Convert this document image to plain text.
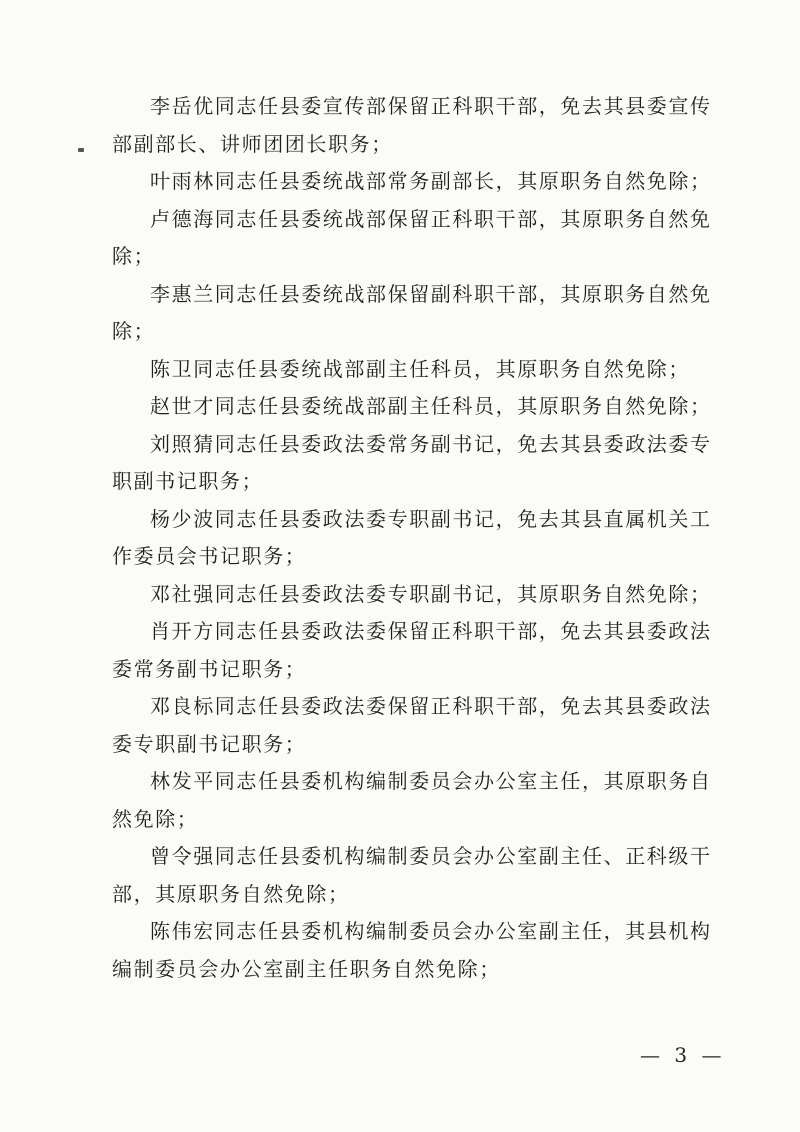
李岳优同志任县委宣传部保留正科职干部，免去其县委宣传部副部长、讲师团团长职务；

叶雨林同志任县委统战部常务副部长，其原职务自然免除；

卢德海同志任县委统战部保留正科职干部，其原职务自然免除；

李惠兰同志任县委统战部保留副科职干部，其原职务自然免除；

陈卫同志任县委统战部副主任科员，其原职务自然免除；

赵世才同志任县委统战部副主任科员，其原职务自然免除；

刘照猜同志任县委政法委常务副书记，免去其县委政法委专职副书记职务；

杨少波同志任县委政法委专职副书记，免去其县直属机关工作委员会书记职务；

邓社强同志任县委政法委专职副书记，其原职务自然免除；

肖开方同志任县委政法委保留正科职干部，免去其县委政法委常务副书记职务；

邓良标同志任县委政法委保留正科职干部，免去其县委政法委专职副书记职务；

林发平同志任县委机构编制委员会办公室主任，其原职务自然免除；

曾令强同志任县委机构编制委员会办公室副主任、正科级干部，其原职务自然免除；

陈伟宏同志任县委机构编制委员会办公室副主任，其县机构编制委员会办公室副主任职务自然免除；

— 3 —
